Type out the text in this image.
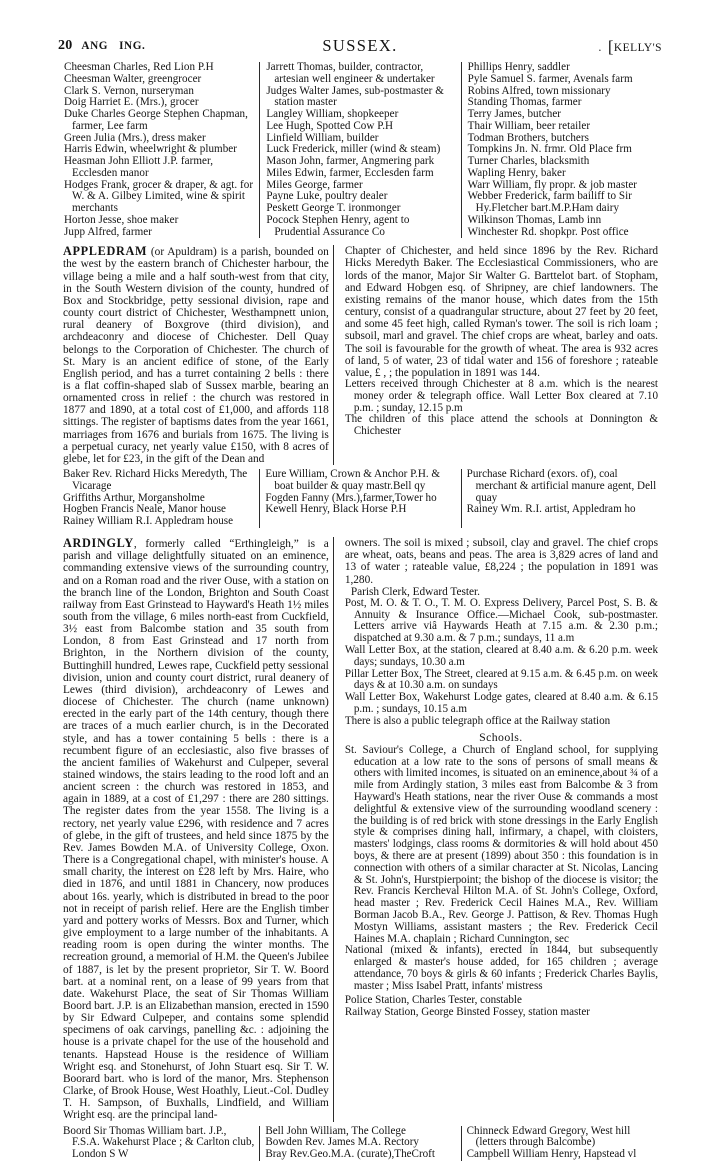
20 ANG ING.	SUSSEX.	. [KELLY'S

Cheesman Charles, Red Lion P.H

Cheesman Walter, greengrocer

Clark S. Vernon, nurseryman

Doig Harriet E. (Mrs.), grocer

Duke Charles George Stephen Chapman, farmer, Lee farm

Green Julia (Mrs.), dress maker

Harris Edwin, wheelwright & plumber

Heasman John Elliott J.P. farmer, Ecclesden manor

Hodges Frank, grocer & draper, & agt. for W. & A. Gilbey Limited, wine & spirit merchants

Horton Jesse, shoe maker

Jupp Alfred, farmer

Jarrett Thomas, builder, contractor, artesian well engineer & undertaker

Judges Walter James, sub-postmaster & station master

Langley William, shopkeeper

Lee Hugh, Spotted Cow P.H

Linfield William, builder

Luck Frederick, miller (wind & steam)

Mason John, farmer, Angmering park

Miles Edwin, farmer, Ecclesden farm

Miles George, farmer

Payne Luke, poultry dealer

Peskett George T. ironmonger

Pocock Stephen Henry, agent to Prudential Assurance Co

Phillips Henry, saddler

Pyle Samuel S. farmer, Avenals farm

Robins Alfred, town missionary

Standing Thomas, farmer

Terry James, butcher

Thair William, beer retailer

Todman Brothers, butchers

Tompkins Jn. N. frmr. Old Place frm

Turner Charles, blacksmith

Wapling Henry, baker

Warr William, fly propr. & job master

Webber Frederick, farm bailiff to Sir Hy.Fletcher bart.M.P.Ham dairy

Wilkinson Thomas, Lamb inn

Winchester Rd. shopkpr. Post office

APPLEDRAM (or Apuldram) is a parish, bounded on the west by the eastern branch of Chichester harbour, the village being a mile and a half south-west from that city, in the South Western division of the county, hundred of Box and Stockbridge, petty sessional division, rape and county court district of Chichester, Westhampnett union, rural deanery of Boxgrove (third division), and archdeaconry and diocese of Chichester. Dell Quay belongs to the Corporation of Chichester. The church of St. Mary is an ancient edifice of stone, of the Early English period, and has a turret containing 2 bells : there is a flat coffin-shaped slab of Sussex marble, bearing an ornamented cross in relief : the church was restored in 1877 and 1890, at a total cost of £1,000, and affords 118 sittings. The register of baptisms dates from the year 1661, marriages from 1676 and burials from 1675. The living is a perpetual curacy, net yearly value £150, with 8 acres of glebe, let for £23, in the gift of the Dean and

Chapter of Chichester, and held since 1896 by the Rev. Richard Hicks Meredyth Baker. The Ecclesiastical Commissioners, who are lords of the manor, Major Sir Walter G. Barttelot bart. of Stopham, and Edward Hobgen esq. of Shripney, are chief landowners. The existing remains of the manor house, which dates from the 15th century, consist of a quadrangular structure, about 27 feet by 20 feet, and some 45 feet high, called Ryman's tower. The soil is rich loam ; subsoil, marl and gravel. The chief crops are wheat, barley and oats. The soil is favourable for the growth of wheat. The area is 932 acres of land, 5 of water, 23 of tidal water and 156 of foreshore ; rateable value, £ , ; the population in 1891 was 144.

Letters received through Chichester at 8 a.m. which is the nearest money order & telegraph office. Wall Letter Box cleared at 7.10 p.m. ; sunday, 12.15 p.m

The children of this place attend the schools at Donnington & Chichester

Baker Rev. Richard Hicks Meredyth, The Vicarage

Griffiths Arthur, Morgansholme

Hogben Francis Neale, Manor house

Rainey William R.I. Appledram house

Eure William, Crown & Anchor P.H. & boat builder & quay mastr.Bell qy

Fogden Fanny (Mrs.),farmer,Tower ho

Kewell Henry, Black Horse P.H

Purchase Richard (exors. of), coal merchant & artificial manure agent, Dell quay

Rainey Wm. R.I. artist, Appledram ho

ARDINGLY, formerly called “Erthingleigh,” is a parish and village delightfully situated on an eminence, commanding extensive views of the surrounding country, and on a Roman road and the river Ouse, with a station on the branch line of the London, Brighton and South Coast railway from East Grinstead to Hayward's Heath 1½ miles south from the village, 6 miles north-east from Cuckfield, 3½ east from Balcombe station and 35 south from London, 8 from East Grinstead and 17 north from Brighton, in the Northern division of the county, Buttinghill hundred, Lewes rape, Cuckfield petty sessional division, union and county court district, rural deanery of Lewes (third division), archdeaconry of Lewes and diocese of Chichester. The church (name unknown) erected in the early part of the 14th century, though there are traces of a much earlier church, is in the Decorated style, and has a tower containing 5 bells : there is a recumbent figure of an ecclesiastic, also five brasses of the ancient families of Wakehurst and Culpeper, several stained windows, the stairs leading to the rood loft and an ancient screen : the church was restored in 1853, and again in 1889, at a cost of £1,297 : there are 280 sittings. The register dates from the year 1558. The living is a rectory, net yearly value £296, with residence and 7 acres of glebe, in the gift of trustees, and held since 1875 by the Rev. James Bowden M.A. of University College, Oxon. There is a Congregational chapel, with minister's house. A small charity, the interest on £28 left by Mrs. Haire, who died in 1876, and until 1881 in Chancery, now produces about 16s. yearly, which is distributed in bread to the poor not in receipt of parish relief. Here are the English timber yard and pottery works of Messrs. Box and Turner, which give employment to a large number of the inhabitants. A reading room is open during the winter months. The recreation ground, a memorial of H.M. the Queen's Jubilee of 1887, is let by the present proprietor, Sir T. W. Boord bart. at a nominal rent, on a lease of 99 years from that date. Wakehurst Place, the seat of Sir Thomas William Boord bart. J.P. is an Elizabethan mansion, erected in 1590 by Sir Edward Culpeper, and contains some splendid specimens of oak carvings, panelling &c. : adjoining the house is a private chapel for the use of the household and tenants. Hapstead House is the residence of William Wright esq. and Stonehurst, of John Stuart esq. Sir T. W. Boorard bart. who is lord of the manor, Mrs. Stephenson Clarke, of Brook House, West Hoathly, Lieut.-Col. Dudley T. H. Sampson, of Buxhalls, Lindfield, and William Wright esq. are the principal land-

owners. The soil is mixed ; subsoil, clay and gravel. The chief crops are wheat, oats, beans and peas. The area is 3,829 acres of land and 13 of water ; rateable value, £8,224 ; the population in 1891 was 1,280.

Parish Clerk, Edward Tester.

Post, M. O. & T. O., T. M. O. Express Delivery, Parcel Post, S. B. & Annuity & Insurance Office.—Michael Cook, sub-postmaster. Letters arrive viâ Haywards Heath at 7.15 a.m. & 2.30 p.m.; dispatched at 9.30 a.m. & 7 p.m.; sundays, 11 a.m

Wall Letter Box, at the station, cleared at 8.40 a.m. & 6.20 p.m. week days; sundays, 10.30 a.m

Pillar Letter Box, The Street, cleared at 9.15 a.m. & 6.45 p.m. on week days & at 10.30 a.m. on sundays

Wall Letter Box, Wakehurst Lodge gates, cleared at 8.40 a.m. & 6.15 p.m. ; sundays, 10.15 a.m

There is also a public telegraph office at the Railway station

Schools.

St. Saviour's College, a Church of England school, for supplying education at a low rate to the sons of persons of small means & others with limited incomes, is situated on an eminence,about ¾ of a mile from Ardingly station, 3 miles east from Balcombe & 3 from Hayward's Heath stations, near the river Ouse & commands a most delightful & extensive view of the surrounding woodland scenery : the building is of red brick with stone dressings in the Early English style & comprises dining hall, infirmary, a chapel, with cloisters, masters' lodgings, class rooms & dormitories & will hold about 450 boys, & there are at present (1899) about 350 : this foundation is in connection with others of a similar character at St. Nicolas, Lancing & St. John's, Hurstpierpoint; the bishop of the diocese is visitor; the Rev. Francis Kercheval Hilton M.A. of St. John's College, Oxford, head master ; Rev. Frederick Cecil Haines M.A., Rev. William Borman Jacob B.A., Rev. George J. Pattison, & Rev. Thomas Hugh Mostyn Williams, assistant masters ; the Rev. Frederick Cecil Haines M.A. chaplain ; Richard Cunnington, sec

National (mixed & infants), erected in 1844, but subsequently enlarged & master's house added, for 165 children ; average attendance, 70 boys & girls & 60 infants ; Frederick Charles Baylis, master ; Miss Isabel Pratt, infants' mistress

Police Station, Charles Tester, constable

Railway Station, George Binsted Fossey, station master

Boord Sir Thomas William bart. J.P., F.S.A. Wakehurst Place ; & Carlton club, London S W

Bell John William, The College

Bowden Rev. James M.A. Rectory

Bray Rev.Geo.M.A. (curate),TheCroft

Chinneck Edward Gregory, West hill (letters through Balcombe)

Campbell William Henry, Hapstead vl
